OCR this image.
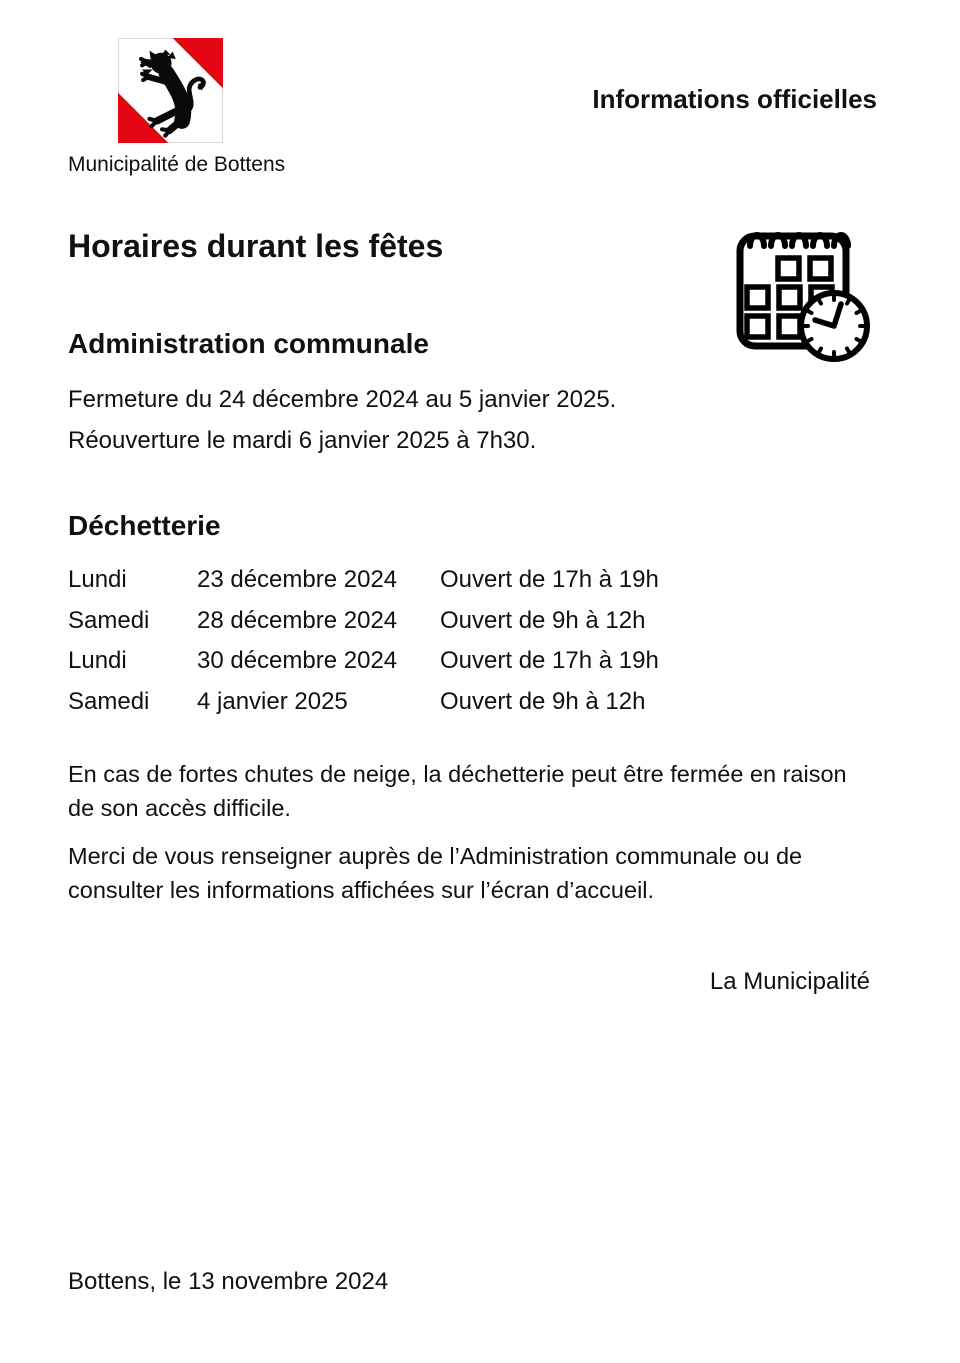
Municipalité de Bottens
Informations officielles
Horaires durant les fêtes
Administration communale
Fermeture du 24 décembre 2024 au 5 janvier 2025.
Réouverture le mardi 6 janvier 2025 à 7h30.
Déchetterie
Lundi	23 décembre 2024	Ouvert de 17h à 19h
Samedi	28 décembre 2024	Ouvert de 9h à 12h
Lundi	30 décembre 2024	Ouvert de 17h à 19h
Samedi	4 janvier 2025	Ouvert de 9h à 12h
En cas de fortes chutes de neige, la déchetterie peut être fermée en raison de son accès difficile.
Merci de vous renseigner auprès de l’Administration communale ou de consulter les informations affichées sur l’écran d’accueil.
La Municipalité
Bottens, le 13 novembre 2024
